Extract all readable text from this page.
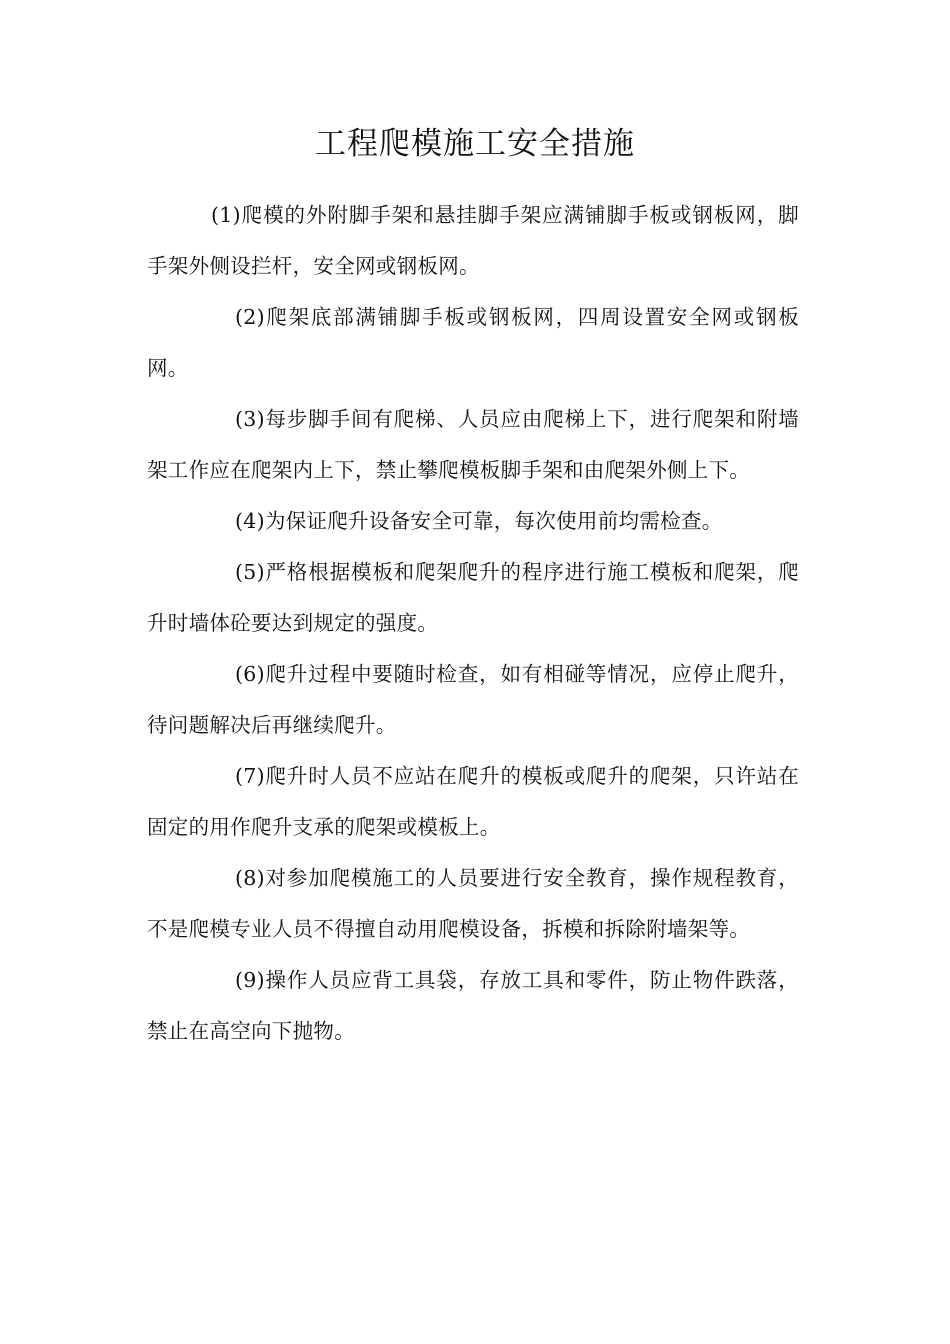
工程爬模施工安全措施

(1)爬模的外附脚手架和悬挂脚手架应满铺脚手板或钢板网，脚手架外侧设拦杆，安全网或钢板网。

(2)爬架底部满铺脚手板或钢板网，四周设置安全网或钢板网。

(3)每步脚手间有爬梯、人员应由爬梯上下，进行爬架和附墙架工作应在爬架内上下，禁止攀爬模板脚手架和由爬架外侧上下。

(4)为保证爬升设备安全可靠，每次使用前均需检查。

(5)严格根据模板和爬架爬升的程序进行施工模板和爬架，爬升时墙体砼要达到规定的强度。

(6)爬升过程中要随时检查，如有相碰等情况，应停止爬升，待问题解决后再继续爬升。

(7)爬升时人员不应站在爬升的模板或爬升的爬架，只许站在固定的用作爬升支承的爬架或模板上。

(8)对参加爬模施工的人员要进行安全教育，操作规程教育，不是爬模专业人员不得擅自动用爬模设备，拆模和拆除附墙架等。

(9)操作人员应背工具袋，存放工具和零件，防止物件跌落，禁止在高空向下抛物。
